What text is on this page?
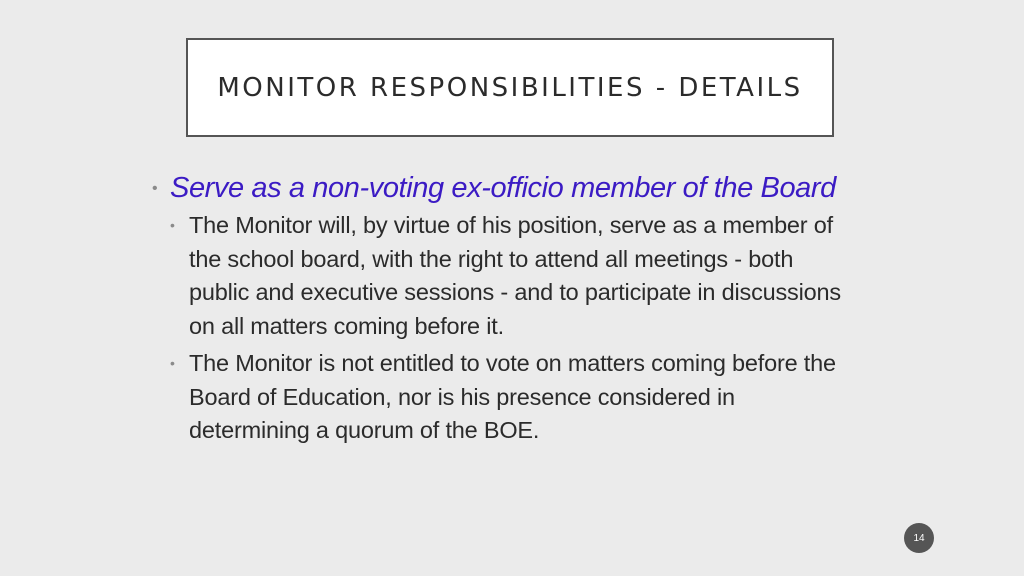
MONITOR RESPONSIBILITIES - DETAILS
• Serve as a non-voting ex-officio member of the Board
• The Monitor will, by virtue of his position, serve as a member of the school board, with the right to attend all meetings - both public and executive sessions - and to participate in discussions on all matters coming before it.
• The Monitor is not entitled to vote on matters coming before the Board of Education, nor is his presence considered in determining a quorum of the BOE.
14
